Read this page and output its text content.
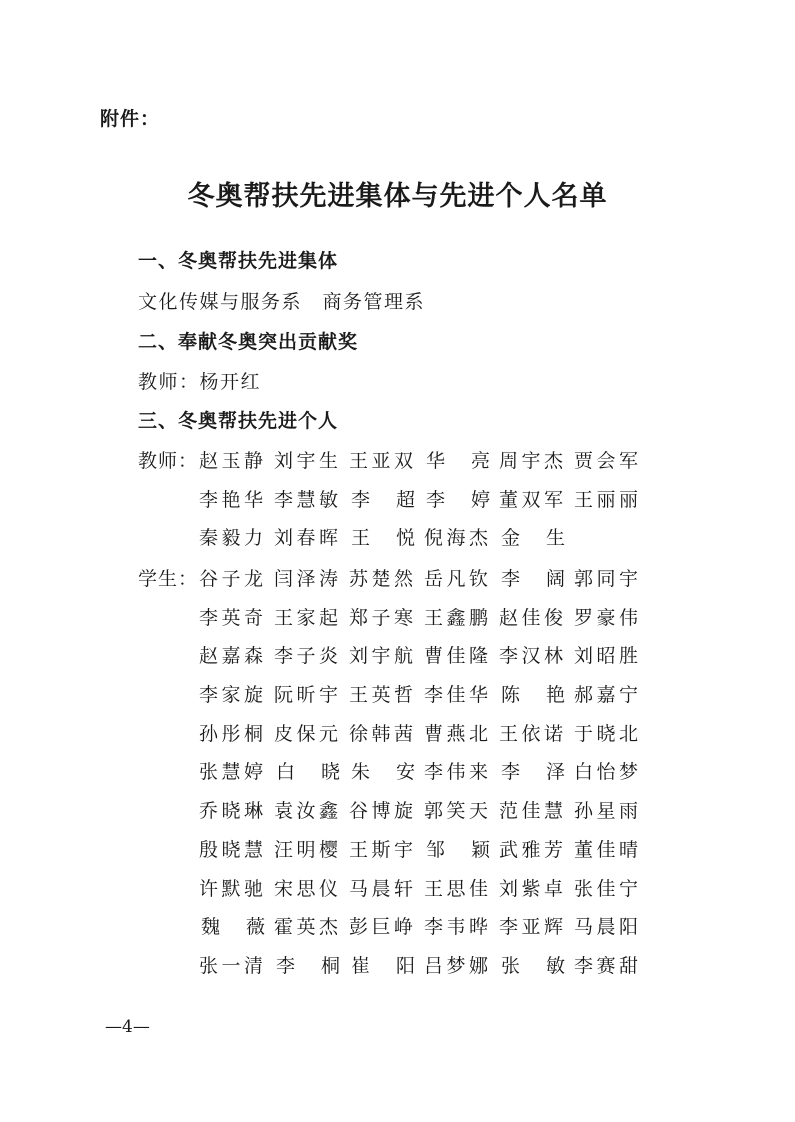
附件：
冬奥帮扶先进集体与先进个人名单
一、冬奥帮扶先进集体
文化传媒与服务系　商务管理系
二、奉献冬奥突出贡献奖
教师：杨开红
三、冬奥帮扶先进个人
教师： 赵 玉 静 刘 宇 生 王 亚 双 华 亮 周 宇 杰 贾 会 军
李 艳 华 李 慧 敏 李 超 李 婷 董 双 军 王 丽 丽
秦 毅 力 刘 春 晖 王 悦 倪 海 杰 金 生
学生： 谷 子 龙 闫 泽 涛 苏 楚 然 岳 凡 钦 李 阔 郭 同 宇
李 英 奇 王 家 起 郑 子 寒 王 鑫 鹏 赵 佳 俊 罗 豪 伟
赵 嘉 森 李 子 炎 刘 宇 航 曹 佳 隆 李 汉 林 刘 昭 胜
李 家 旋 阮 昕 宇 王 英 哲 李 佳 华 陈 艳 郝 嘉 宁
孙 彤 桐 皮 保 元 徐 韩 茜 曹 燕 北 王 依 诺 于 晓 北
张 慧 婷 白 晓 朱 安 李 伟 来 李 泽 白 怡 梦
乔 晓 琳 袁 汝 鑫 谷 博 旋 郭 笑 天 范 佳 慧 孙 星 雨
殷 晓 慧 汪 明 樱 王 斯 宇 邹 颖 武 雅 芳 董 佳 晴
许 默 驰 宋 思 仪 马 晨 轩 王 思 佳 刘 紫 卓 张 佳 宁
魏 薇 霍 英 杰 彭 巨 峥 李 韦 晔 李 亚 辉 马 晨 阳
张 一 清 李 桐 崔 阳 吕 梦 娜 张 敏 李 赛 甜
—4—
